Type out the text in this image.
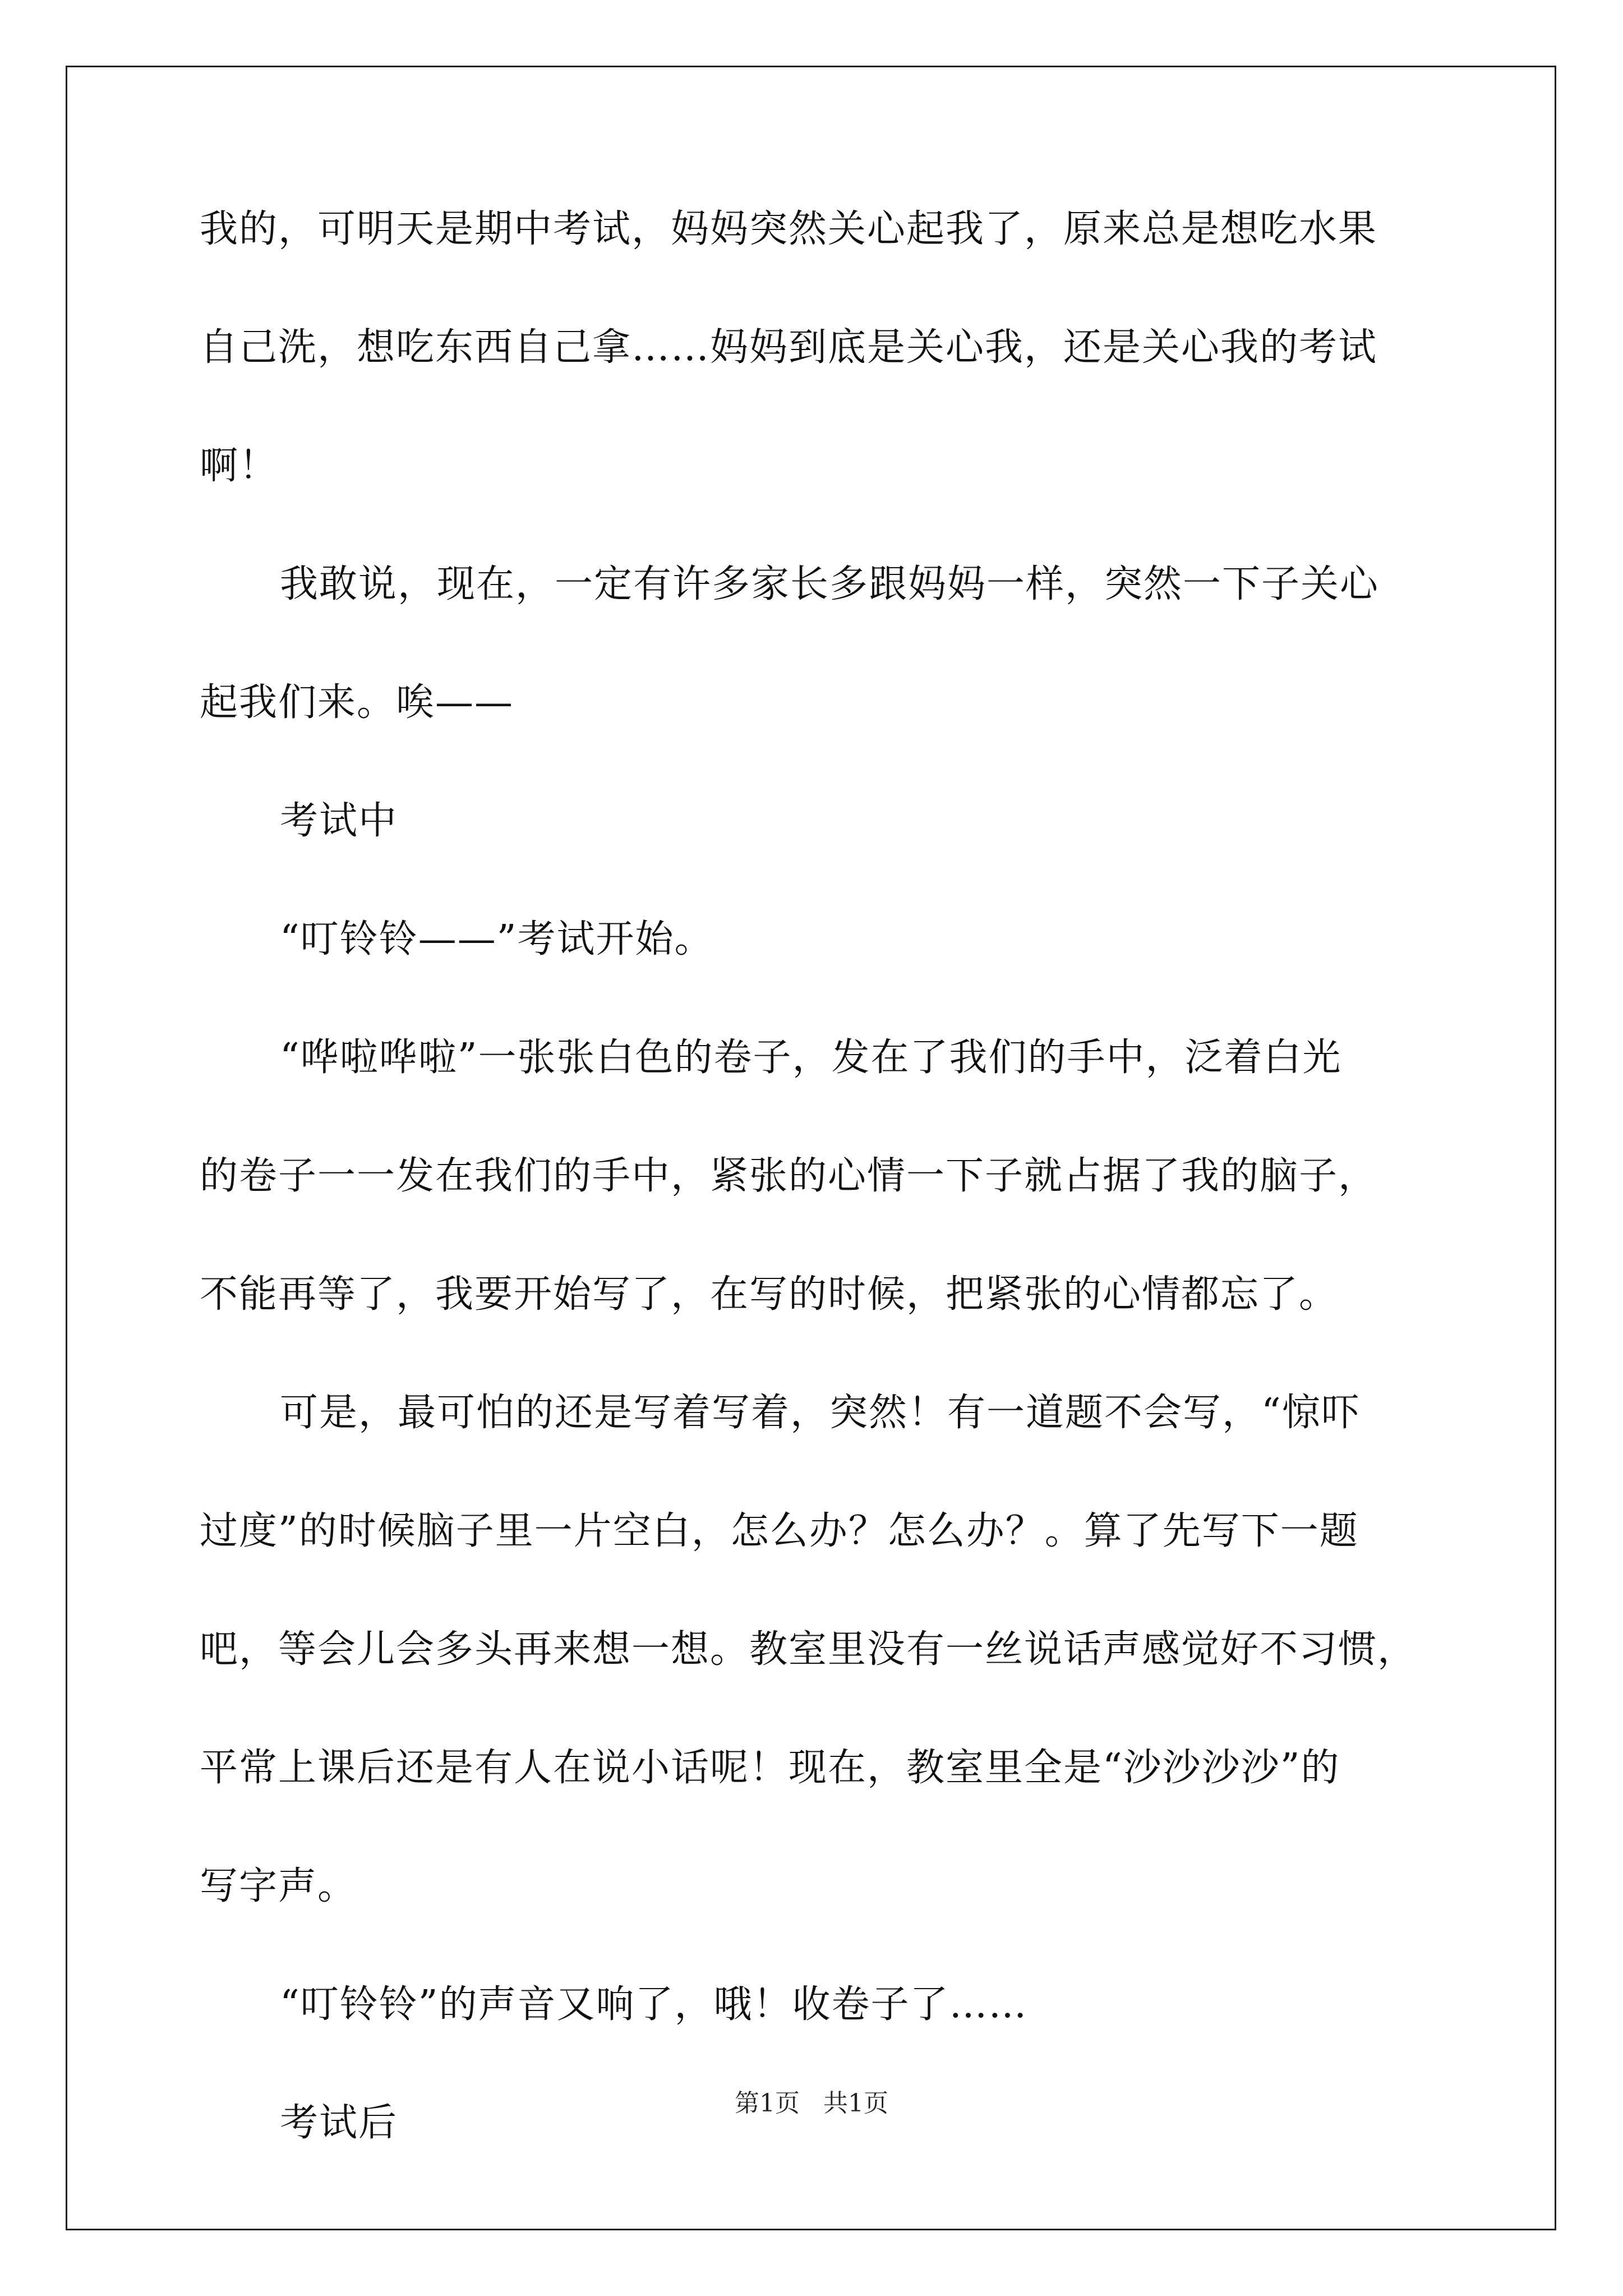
我的，可明天是期中考试，妈妈突然关心起我了，原来总是想吃水果

自己洗，想吃东西自己拿……妈妈到底是关心我，还是关心我的考试

啊！

我敢说，现在，一定有许多家长多跟妈妈一样，突然一下子关心

起我们来。唉——

考试中

“叮铃铃——”考试开始。

“哗啦哗啦”一张张白色的卷子，发在了我们的手中，泛着白光

的卷子一一发在我们的手中，紧张的心情一下子就占据了我的脑子，

不能再等了，我要开始写了，在写的时候，把紧张的心情都忘了。

可是，最可怕的还是写着写着，突然！有一道题不会写，“惊吓

过度”的时候脑子里一片空白，怎么办？怎么办？。算了先写下一题

吧，等会儿会多头再来想一想。教室里没有一丝说话声感觉好不习惯，

平常上课后还是有人在说小话呢！现在，教室里全是“沙沙沙沙”的

写字声。

“叮铃铃”的声音又响了，哦！收卷子了……

考试后	第1页   共1页
